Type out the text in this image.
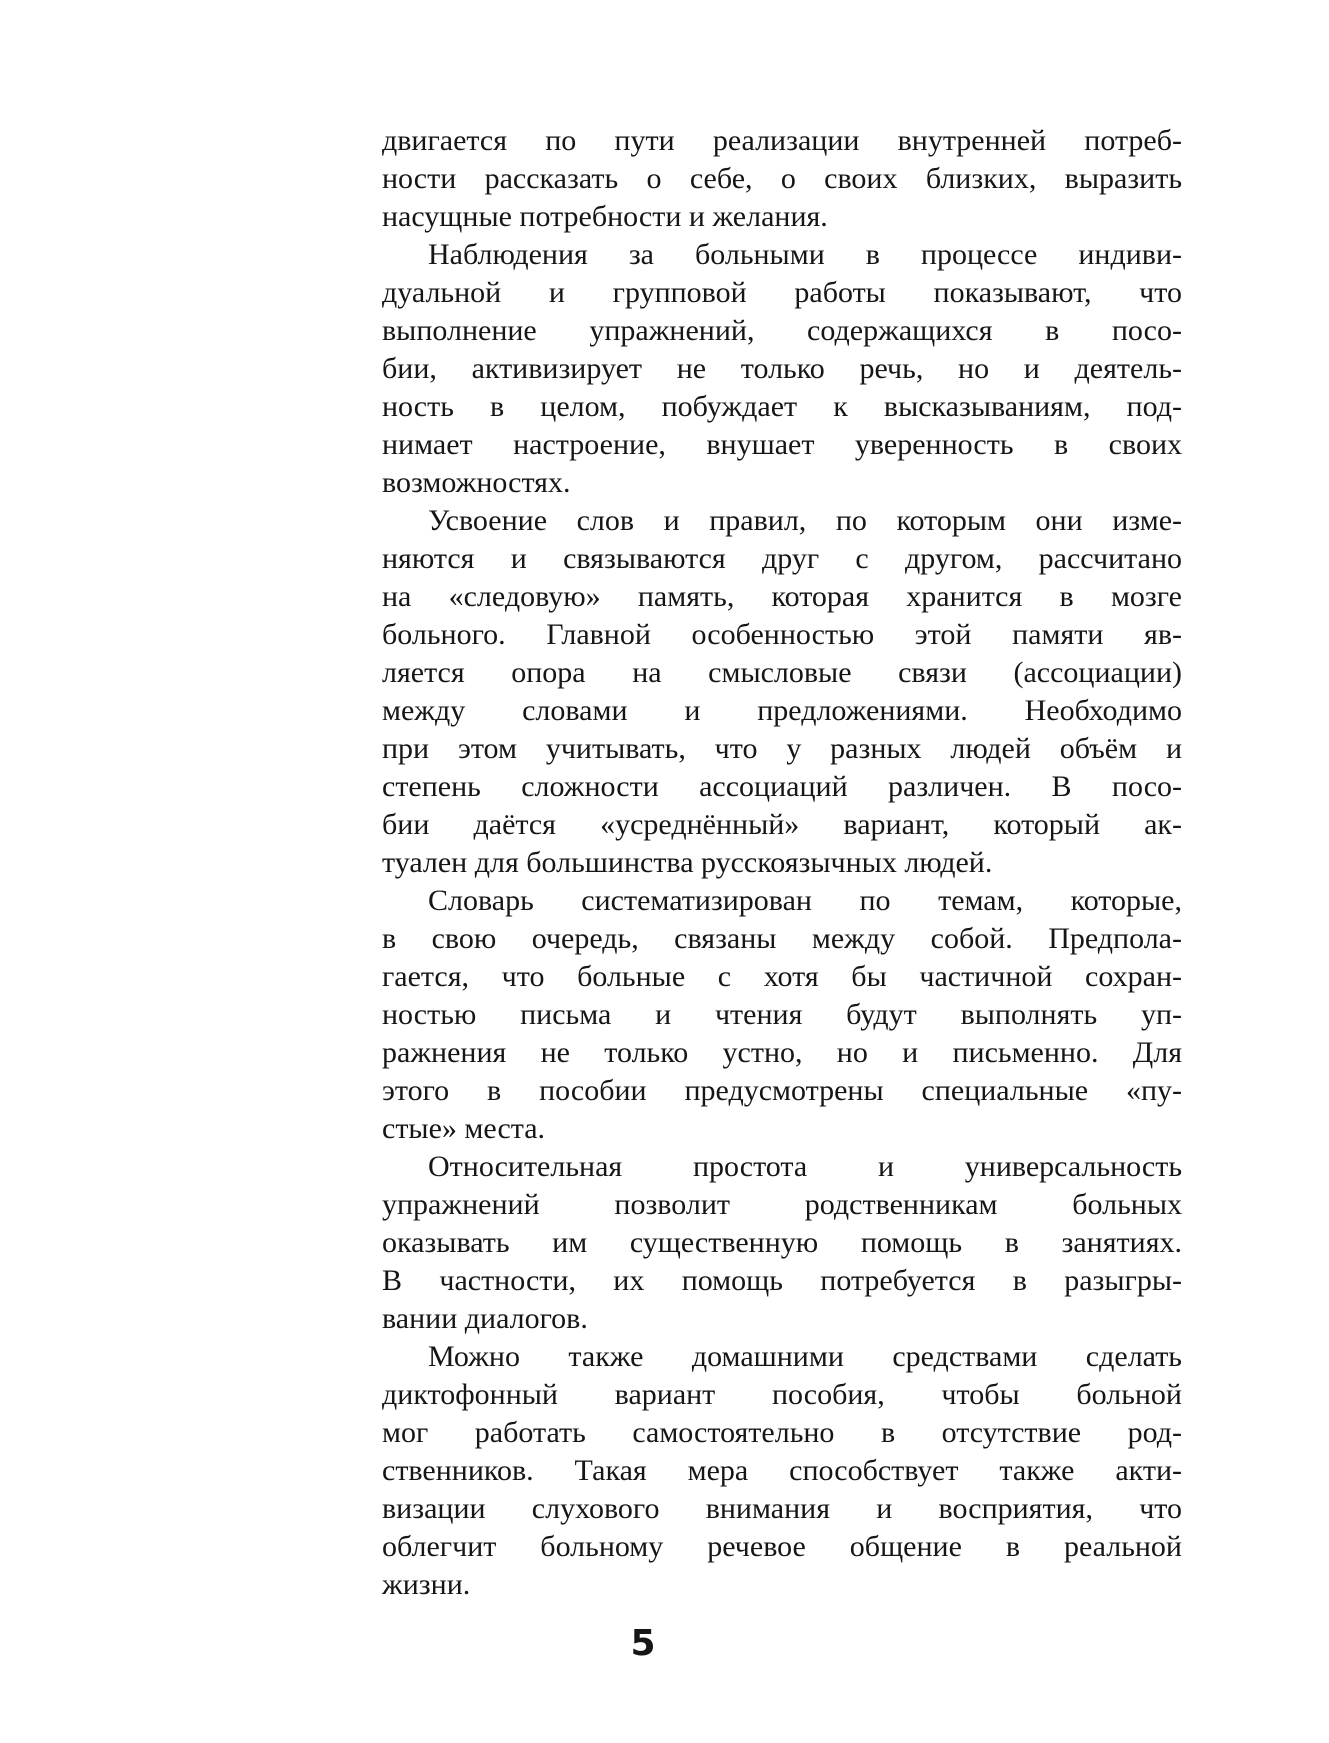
двигается по пути реализации внутренней потреб-
ности рассказать о себе, о своих близких, выразить
насущные потребности и желания.
Наблюдения за больными в процессе индиви-
дуальной и групповой работы показывают, что
выполнение упражнений, содержащихся в посо-
бии, активизирует не только речь, но и деятель-
ность в целом, побуждает к высказываниям, под-
нимает настроение, внушает уверенность в своих
возможностях.
Усвоение слов и правил, по которым они изме-
няются и связываются друг с другом, рассчитано
на «следовую» память, которая хранится в мозге
больного. Главной особенностью этой памяти яв-
ляется опора на смысловые связи (ассоциации)
между словами и предложениями. Необходимо
при этом учитывать, что у разных людей объём и
степень сложности ассоциаций различен. В посо-
бии даётся «усреднённый» вариант, который ак-
туален для большинства русскоязычных людей.
Словарь систематизирован по темам, которые,
в свою очередь, связаны между собой. Предпола-
гается, что больные с хотя бы частичной сохран-
ностью письма и чтения будут выполнять уп-
ражнения не только устно, но и письменно. Для
этого в пособии предусмотрены специальные «пу-
стые» места.
Относительная простота и универсальность
упражнений позволит родственникам больных
оказывать им существенную помощь в занятиях.
В частности, их помощь потребуется в разыгры-
вании диалогов.
Можно также домашними средствами сделать
диктофонный вариант пособия, чтобы больной
мог работать самостоятельно в отсутствие род-
ственников. Такая мера способствует также акти-
визации слухового внимания и восприятия, что
облегчит больному речевое общение в реальной
жизни.
5
